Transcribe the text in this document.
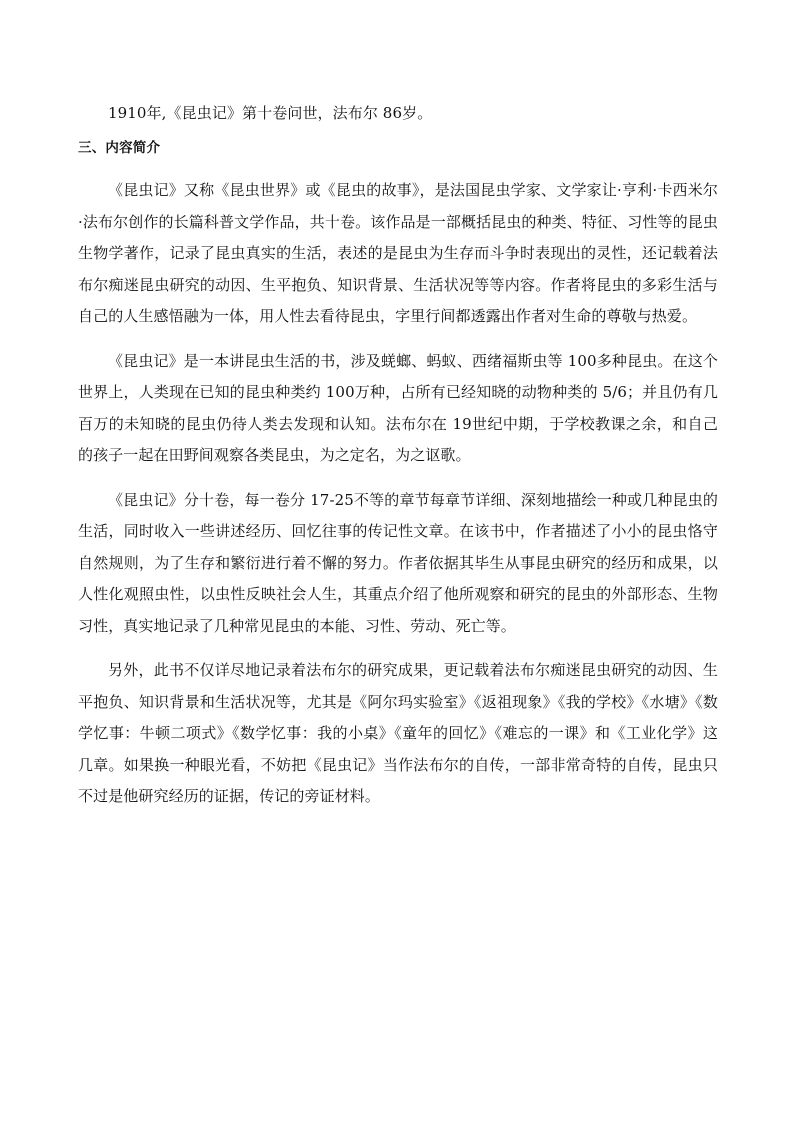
1910年,《昆虫记》第十卷问世，法布尔 86岁。

三、内容简介

《昆虫记》又称《昆虫世界》或《昆虫的故事》，是法国昆虫学家、文学家让·亨利·卡西米尔·法布尔创作的长篇科普文学作品，共十卷。该作品是一部概括昆虫的种类、特征、习性等的昆虫生物学著作，记录了昆虫真实的生活，表述的是昆虫为生存而斗争时表现出的灵性，还记载着法布尔痴迷昆虫研究的动因、生平抱负、知识背景、生活状况等等内容。作者将昆虫的多彩生活与自己的人生感悟融为一体，用人性去看待昆虫，字里行间都透露出作者对生命的尊敬与热爱。

《昆虫记》是一本讲昆虫生活的书，涉及蜣螂、蚂蚁、西绪福斯虫等 100多种昆虫。在这个世界上，人类现在已知的昆虫种类约 100万种，占所有已经知晓的动物种类的 5/6；并且仍有几百万的未知晓的昆虫仍待人类去发现和认知。法布尔在 19世纪中期，于学校教课之余，和自己的孩子一起在田野间观察各类昆虫，为之定名，为之讴歌。

《昆虫记》分十卷，每一卷分 17-25不等的章节每章节详细、深刻地描绘一种或几种昆虫的生活，同时收入一些讲述经历、回忆往事的传记性文章。在该书中，作者描述了小小的昆虫恪守自然规则，为了生存和繁衍进行着不懈的努力。作者依据其毕生从事昆虫研究的经历和成果，以人性化观照虫性，以虫性反映社会人生，其重点介绍了他所观察和研究的昆虫的外部形态、生物习性，真实地记录了几种常见昆虫的本能、习性、劳动、死亡等。

另外，此书不仅详尽地记录着法布尔的研究成果，更记载着法布尔痴迷昆虫研究的动因、生平抱负、知识背景和生活状况等，尤其是《阿尔玛实验室》《返祖现象》《我的学校》《水塘》《数学忆事：牛顿二项式》《数学忆事：我的小桌》《童年的回忆》《难忘的一课》和《工业化学》这几章。如果换一种眼光看，不妨把《昆虫记》当作法布尔的自传，一部非常奇特的自传，昆虫只不过是他研究经历的证据，传记的旁证材料。
